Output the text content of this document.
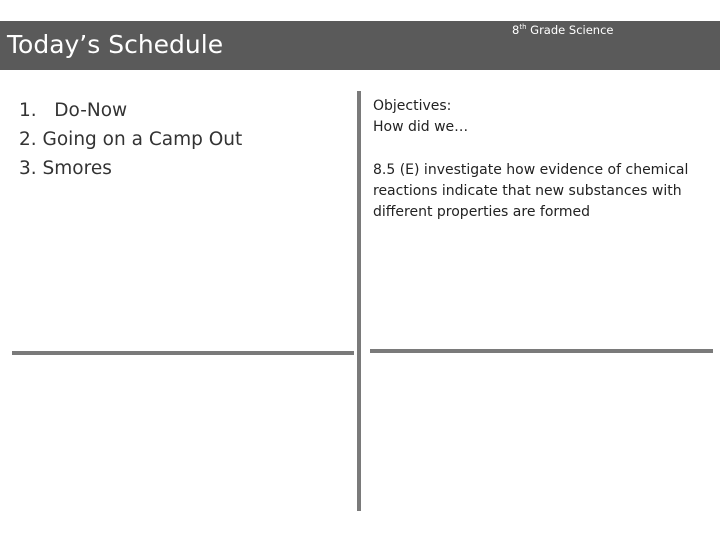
Today’s Schedule	8th Grade Science
1.   Do-Now
2. Going on a Camp Out
3. Smores
Objectives:
How did we…
8.5 (E) investigate how evidence of chemical reactions indicate that new substances with different properties are formed
